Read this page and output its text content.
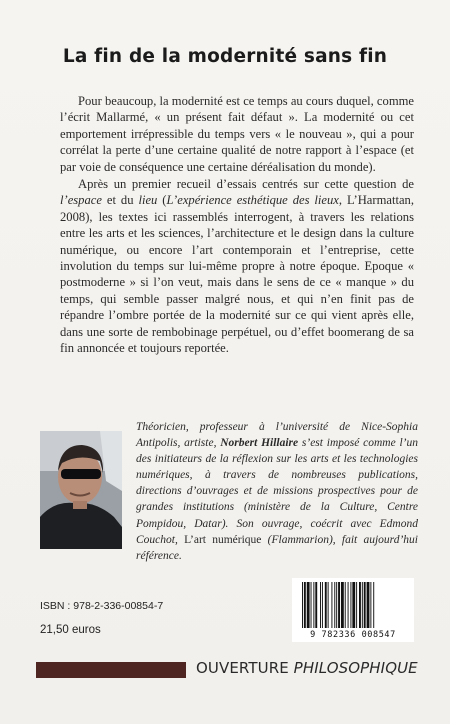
La fin de la modernité sans fin

Pour beaucoup, la modernité est ce temps au cours duquel, comme l’écrit Mallarmé, « un présent fait défaut ». La modernité ou cet emportement irrépressible du temps vers « le nouveau », qui a pour corrélat la perte d’une certaine qualité de notre rapport à l’espace (et par voie de conséquence une certaine déréalisation du monde).

Après un premier recueil d’essais centrés sur cette question de l’espace et du lieu (L’expérience esthétique des lieux, L’Harmattan, 2008), les textes ici rassemblés interrogent, à travers les relations entre les arts et les sciences, l’architecture et le design dans la culture numérique, ou encore l’art contemporain et l’entreprise, cette involution du temps sur lui-même propre à notre époque. Epoque « postmoderne » si l’on veut, mais dans le sens de ce « manque » du temps, qui semble passer malgré nous, et qui n’en finit pas de répandre l’ombre portée de la modernité sur ce qui vient après elle, dans une sorte de rembobinage perpétuel, ou d’effet boomerang de sa fin annoncée et toujours reportée.

Théoricien, professeur à l’université de Nice-Sophia Antipolis, artiste, Norbert Hillaire s’est imposé comme l’un des initiateurs de la réflexion sur les arts et les technologies numériques, à travers de nombreuses publications, directions d’ouvrages et de missions prospectives pour de grandes institutions (ministère de la Culture, Centre Pompidou, Datar). Son ouvrage, coécrit avec Edmond Couchot, L’art numérique (Flammarion), fait aujourd’hui référence.
ISBN : 978-2-336-00854-7
21,50 euros	9 782336 008547
OUVERTURE PHILOSOPHIQUE
